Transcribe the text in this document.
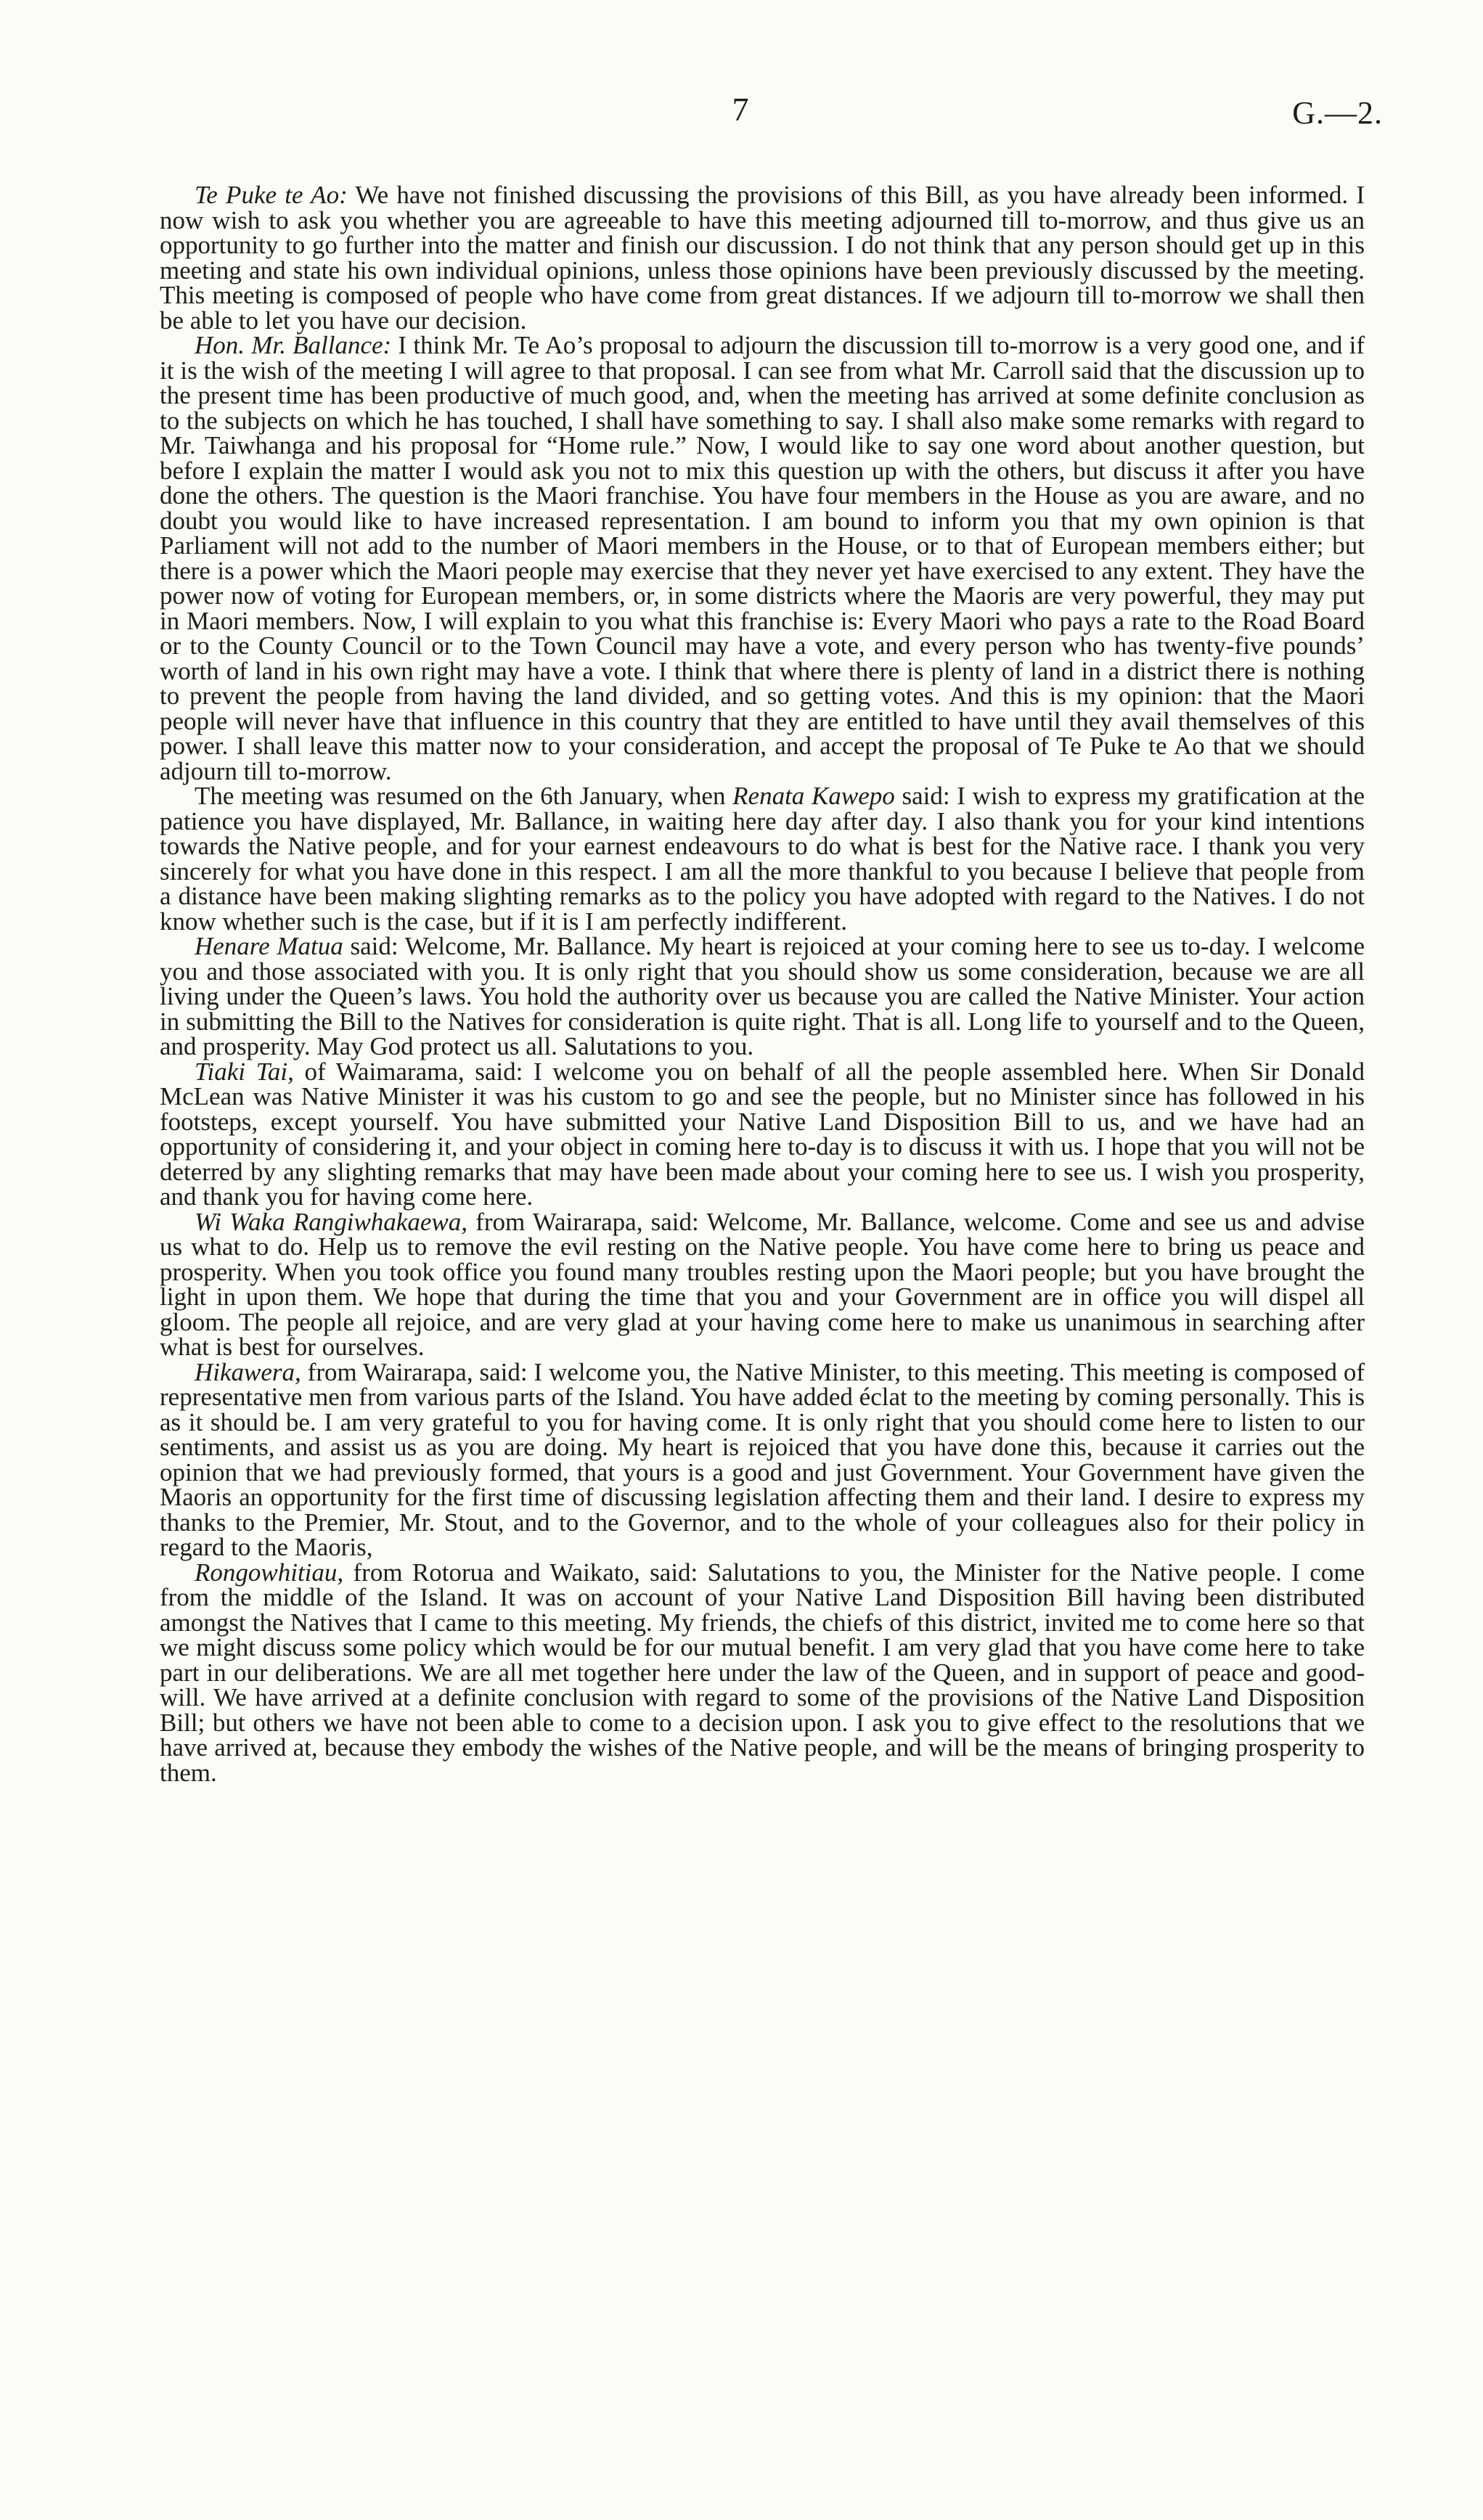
7	G.—2.

Te Puke te Ao: We have not finished discussing the provisions of this Bill, as you have already been informed. I now wish to ask you whether you are agreeable to have this meeting adjourned till to-morrow, and thus give us an opportunity to go further into the matter and finish our discussion. I do not think that any person should get up in this meeting and state his own individual opinions, unless those opinions have been previously discussed by the meeting. This meeting is composed of people who have come from great distances. If we adjourn till to-morrow we shall then be able to let you have our decision.

Hon. Mr. Ballance: I think Mr. Te Ao’s proposal to adjourn the discussion till to-morrow is a very good one, and if it is the wish of the meeting I will agree to that proposal. I can see from what Mr. Carroll said that the discussion up to the present time has been productive of much good, and, when the meeting has arrived at some definite conclusion as to the subjects on which he has touched, I shall have something to say. I shall also make some remarks with regard to Mr. Taiwhanga and his proposal for “Home rule.” Now, I would like to say one word about another question, but before I explain the matter I would ask you not to mix this question up with the others, but discuss it after you have done the others. The question is the Maori franchise. You have four members in the House as you are aware, and no doubt you would like to have increased representation. I am bound to inform you that my own opinion is that Parliament will not add to the number of Maori members in the House, or to that of European members either; but there is a power which the Maori people may exercise that they never yet have exercised to any extent. They have the power now of voting for European members, or, in some districts where the Maoris are very powerful, they may put in Maori members. Now, I will explain to you what this franchise is: Every Maori who pays a rate to the Road Board or to the County Council or to the Town Council may have a vote, and every person who has twenty-five pounds’ worth of land in his own right may have a vote. I think that where there is plenty of land in a district there is nothing to prevent the people from having the land divided, and so getting votes. And this is my opinion: that the Maori people will never have that influence in this country that they are entitled to have until they avail themselves of this power. I shall leave this matter now to your consideration, and accept the proposal of Te Puke te Ao that we should adjourn till to-morrow.

The meeting was resumed on the 6th January, when Renata Kawepo said: I wish to express my gratification at the patience you have displayed, Mr. Ballance, in waiting here day after day. I also thank you for your kind intentions towards the Native people, and for your earnest endeavours to do what is best for the Native race. I thank you very sincerely for what you have done in this respect. I am all the more thankful to you because I believe that people from a distance have been making slighting remarks as to the policy you have adopted with regard to the Natives. I do not know whether such is the case, but if it is I am perfectly indifferent.

Henare Matua said: Welcome, Mr. Ballance. My heart is rejoiced at your coming here to see us to-day. I welcome you and those associated with you. It is only right that you should show us some consideration, because we are all living under the Queen’s laws. You hold the authority over us because you are called the Native Minister. Your action in submitting the Bill to the Natives for consideration is quite right. That is all. Long life to yourself and to the Queen, and prosperity. May God protect us all. Salutations to you.

Tiaki Tai, of Waimarama, said: I welcome you on behalf of all the people assembled here. When Sir Donald McLean was Native Minister it was his custom to go and see the people, but no Minister since has followed in his footsteps, except yourself. You have submitted your Native Land Disposition Bill to us, and we have had an opportunity of considering it, and your object in coming here to-day is to discuss it with us. I hope that you will not be deterred by any slighting remarks that may have been made about your coming here to see us. I wish you prosperity, and thank you for having come here.

Wi Waka Rangiwhakaewa, from Wairarapa, said: Welcome, Mr. Ballance, welcome. Come and see us and advise us what to do. Help us to remove the evil resting on the Native people. You have come here to bring us peace and prosperity. When you took office you found many troubles resting upon the Maori people; but you have brought the light in upon them. We hope that during the time that you and your Government are in office you will dispel all gloom. The people all rejoice, and are very glad at your having come here to make us unanimous in searching after what is best for ourselves.

Hikawera, from Wairarapa, said: I welcome you, the Native Minister, to this meeting. This meeting is composed of representative men from various parts of the Island. You have added éclat to the meeting by coming personally. This is as it should be. I am very grateful to you for having come. It is only right that you should come here to listen to our sentiments, and assist us as you are doing. My heart is rejoiced that you have done this, because it carries out the opinion that we had previously formed, that yours is a good and just Government. Your Government have given the Maoris an opportunity for the first time of discussing legislation affecting them and their land. I desire to express my thanks to the Premier, Mr. Stout, and to the Governor, and to the whole of your colleagues also for their policy in regard to the Maoris,

Rongowhitiau, from Rotorua and Waikato, said: Salutations to you, the Minister for the Native people. I come from the middle of the Island. It was on account of your Native Land Disposition Bill having been distributed amongst the Natives that I came to this meeting. My friends, the chiefs of this district, invited me to come here so that we might discuss some policy which would be for our mutual benefit. I am very glad that you have come here to take part in our deliberations. We are all met together here under the law of the Queen, and in support of peace and good-will. We have arrived at a definite conclusion with regard to some of the provisions of the Native Land Disposition Bill; but others we have not been able to come to a decision upon. I ask you to give effect to the resolutions that we have arrived at, because they embody the wishes of the Native people, and will be the means of bringing prosperity to them.
